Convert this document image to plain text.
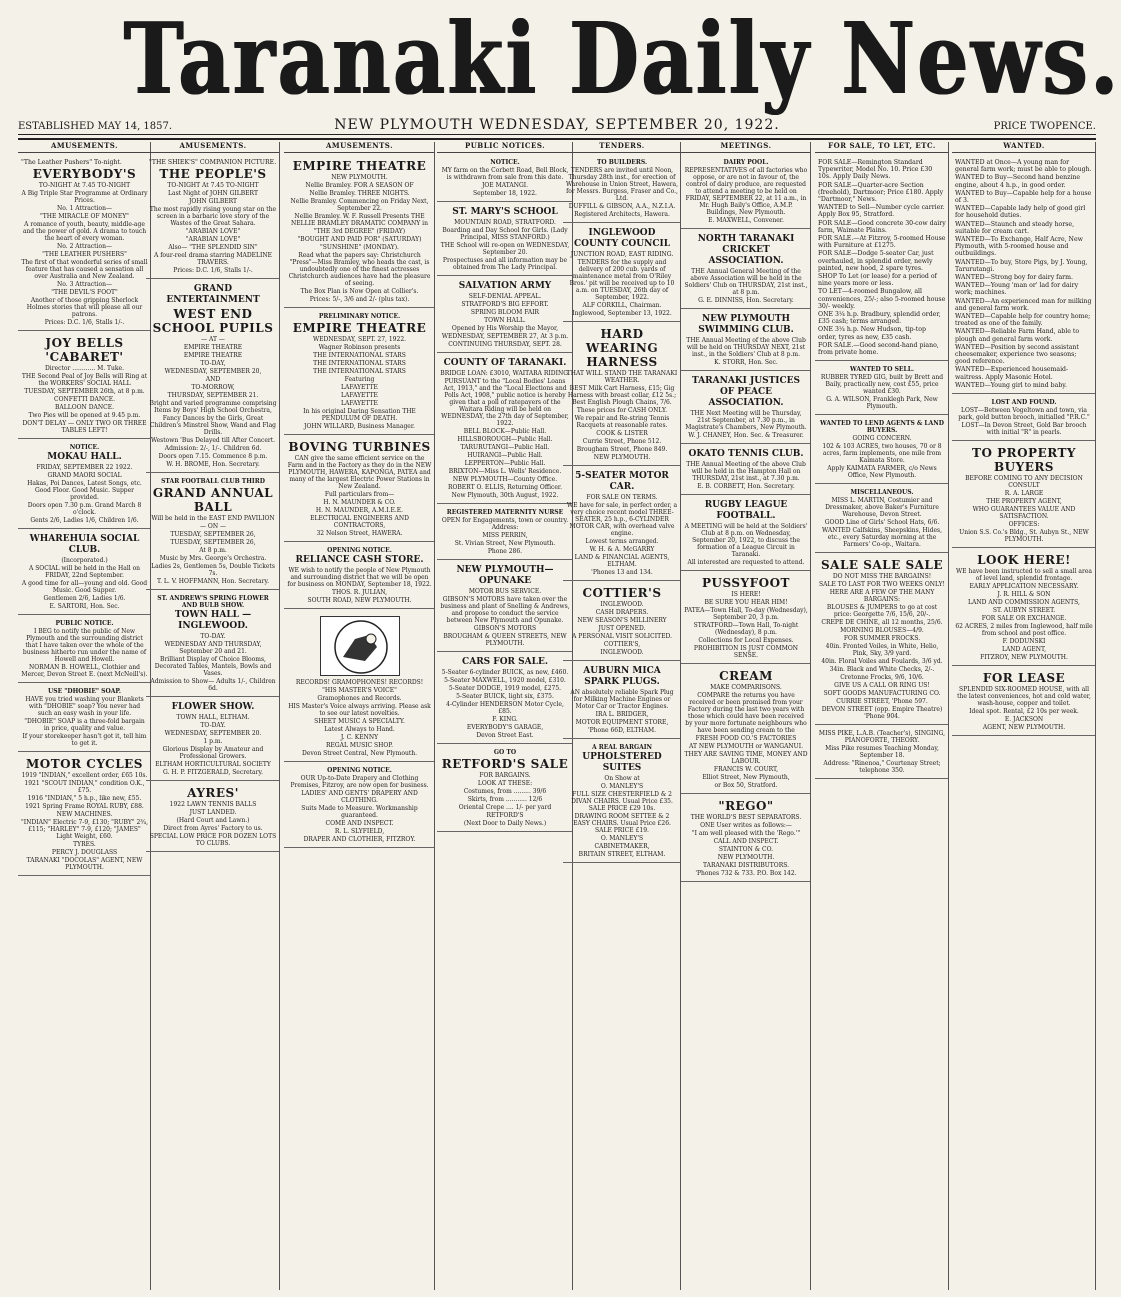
Taranaki Daily News.
ESTABLISHED MAY 14, 1857.	NEW PLYMOUTH WEDNESDAY, SEPTEMBER 20, 1922.	PRICE TWOPENCE.
AMUSEMENTS.

"The Leather Pushers" To-night.

EVERYBODY'S

TO-NIGHT At 7.45 TO-NIGHT

A Big Triple Star Programme at Ordinary Prices.

No. 1 Attraction—

"THE MIRACLE OF MONEY"

A romance of youth, beauty, middle-age and the power of gold. A drama to touch the heart of every woman.

No. 2 Attraction—

"THE LEATHER PUSHERS"

The first of that wonderful series of small feature that has caused a sensation all over Australia and New Zealand.

No. 3 Attraction—

"THE DEVIL'S FOOT"

Another of those gripping Sherlock Holmes stories that will please all our patrons.

Prices: D.C. 1/6, Stalls 1/-.

JOY BELLS 'CABARET'

Director ............ M. Tuke.

THE Second Peal of Joy Bells will Ring at the WORKERS' SOCIAL HALL

TUESDAY, SEPTEMBER 26th, at 8 p.m.

CONFETTI DANCE.

BALLOON DANCE.

Two Pies will be opened at 9.45 p.m.

DON'T DELAY — ONLY TWO OR THREE TABLES LEFT!

NOTICE.

MOKAU HALL.

FRIDAY, SEPTEMBER 22 1922.

GRAND MAORI SOCIAL

Hakas, Poi Dances, Latest Songs, etc. Good Floor. Good Music. Supper provided.

Doors open 7.30 p.m. Grand March 8 o'clock.

Gents 2/6, Ladies 1/6, Children 1/6.

WHAREHUIA SOCIAL CLUB.

(Incorporated.)

A SOCIAL will be held in the Hall on FRIDAY, 22nd September.

A good time for all—young and old. Good Music. Good Supper.

Gentlemen 2/6, Ladies 1/6.

E. SARTORI, Hon. Sec.

PUBLIC NOTICE.

I BEG to notify the public of New Plymouth and the surrounding district that I have taken over the whole of the business hitherto run under the name of Howell and Howell.

NORMAN B. HOWELL, Clothier and Mercer, Devon Street E. (next McNeill's).

USE "DHOBIE" SOAP.

HAVE you tried washing your Blankets with "DHOBIE" soap? You never had such an easy wash in your life.

"DHOBIE" SOAP is a three-fold bargain in price, quality and value.

If your storekeeper hasn't got it, tell him to get it.

MOTOR CYCLES

1919 "INDIAN," excellent order, £65 10s.

1921 "SCOUT INDIAN," condition O.K., £75.

1916 "INDIAN," 5 h.p., like new, £55.

1921 Spring Frame ROYAL RUBY, £88.

NEW MACHINES.

"INDIAN" Electric 7-9, £130; "RUBY" 2¾, £115; "HARLEY" 7-9, £120; "JAMES" Light Weight, £60.

TYRES.

PERCY J. DOUGLASS

TARANAKI "DOCOLAS" AGENT, NEW PLYMOUTH.

AMUSEMENTS.

"THE SHIEK'S" COMPANION PICTURE.

THE PEOPLE'S

TO-NIGHT At 7.45 TO-NIGHT

Last Night of JOHN GILBERT

JOHN GILBERT

The most rapidly rising young star on the screen in a barbaric love story of the Wastes of the Great Sahara.

"ARABIAN LOVE"

"ARABIAN LOVE"

Also— "THE SPLENDID SIN"

A four-reel drama starring MADELINE TRAVERS.

Prices: D.C. 1/6, Stalls 1/-.

GRAND ENTERTAINMENT

WEST END SCHOOL PUPILS

— AT —

EMPIRE THEATRE

EMPIRE THEATRE

TO-DAY,

WEDNESDAY, SEPTEMBER 20,

AND

TO-MORROW,

THURSDAY, SEPTEMBER 21.

Bright and varied programme comprising Items by Boys' High School Orchestra,

Fancy Dances by the Girls, Great Children's Minstrel Show, Wand and Flag Drills.

Westown 'Bus Delayed till After Concert.

Admission: 2/-, 1/-. Children 6d.

Doors open 7.15. Commence 8 p.m.

W. H. BROME, Hon. Secretary.

STAR FOOTBALL CLUB THIRD

GRAND ANNUAL BALL

Will be held in the EAST END PAVILION

— ON —

TUESDAY, SEPTEMBER 26,

TUESDAY, SEPTEMBER 26,

At 8 p.m.

Music by Mrs. George's Orchestra.

Ladies 2s, Gentlemen 5s, Double Tickets 7s.

T. L. V. HOFFMANN, Hon. Secretary.

ST. ANDREW'S SPRING FLOWER AND BULB SHOW.

TOWN HALL — INGLEWOOD.

TO-DAY.

WEDNESDAY AND THURSDAY, September 20 and 21.

Brilliant Display of Choice Blooms, Decorated Tables, Mantels, Bowls and Vases.

Admission to Show— Adults 1/-, Children 6d.

FLOWER SHOW.

TOWN HALL, ELTHAM.

TO-DAY.

WEDNESDAY, SEPTEMBER 20.

1 p.m.

Glorious Display by Amateur and Professional Growers.

ELTHAM HORTICULTURAL SOCIETY

G. H. P. FITZGERALD, Secretary.

AYRES'

1922 LAWN TENNIS BALLS

JUST LANDED.

(Hard Court and Lawn.)

Direct from Ayres' Factory to us.

SPECIAL LOW PRICE FOR DOZEN LOTS TO CLUBS.

AMUSEMENTS.

EMPIRE THEATRE

NEW PLYMOUTH.

Nellie Bramley. FOR A SEASON OF

Nellie Bramley. THREE NIGHTS.

Nellie Bramley. Commencing on Friday Next, September 22.

Nellie Bramley. W. F. Russell Presents THE NELLIE BRAMLEY DRAMATIC COMPANY in

"THE 3rd DEGREE" (FRIDAY)

"BOUGHT AND PAID FOR" (SATURDAY)

"SUNSHINE" (MONDAY).

Read what the papers say: Christchurch "Press"—Miss Bramley, who heads the cast, is undoubtedly one of the finest actresses Christchurch audiences have had the pleasure of seeing.

The Box Plan is Now Open at Collier's.

Prices: 5/-, 3/6 and 2/- (plus tax).

PRELIMINARY NOTICE.

EMPIRE THEATRE

WEDNESDAY, SEPT. 27, 1922.

Wagner Robinson presents

THE INTERNATIONAL STARS

THE INTERNATIONAL STARS

THE INTERNATIONAL STARS

Featuring

LAFAYETTE

LAFAYETTE

LAFAYETTE

In his original Daring Sensation THE PENDULUM OF DEATH.

JOHN WILLARD, Business Manager.

BOVING TURBINES

CAN give the same efficient service on the Farm and in the Factory as they do in the NEW PLYMOUTH, HAWERA, KAPONGA, PATEA and many of the largest Electric Power Stations in New Zealand.

Full particulars from—

H. N. MAUNDER & CO.

H. N. MAUNDER, A.M.I.E.E.

ELECTRICAL ENGINEERS AND CONTRACTORS,

32 Nelson Street, HAWERA.

OPENING NOTICE.

RELIANCE CASH STORE.

WE wish to notify the people of New Plymouth and surrounding district that we will be open for business on MONDAY, September 18, 1922.

THOS. R. JULIAN,

SOUTH ROAD, NEW PLYMOUTH.

RECORDS! GRAMOPHONES! RECORDS!

"HIS MASTER'S VOICE"

Gramophones and Records.

HIS Master's Voice always arriving. Please ask to see our latest novelties.

SHEET MUSIC A SPECIALTY.

Latest Always to Hand.

J. C. KENNY

REGAL MUSIC SHOP.

Devon Street Central, New Plymouth.

OPENING NOTICE.

OUR Up-to-Date Drapery and Clothing Premises, Fitzroy, are now open for business.

LADIES' AND GENTS' DRAPERY AND CLOTHING.

Suits Made to Measure. Workmanship guaranteed.

COME AND INSPECT.

R. L. SLYFIELD,

DRAPER AND CLOTHIER, FITZROY.

PUBLIC NOTICES.

NOTICE.

MY farm on the Corbett Road, Bell Block, is withdrawn from sale from this date.

JOE MATANGI.

September 18, 1922.

ST. MARY'S SCHOOL

MOUNTAIN ROAD, STRATFORD.

Boarding and Day School for Girls. (Lady Principal, MISS STANFORD.)

THE School will re-open on WEDNESDAY, September 20.

Prospectuses and all information may be obtained from The Lady Principal.

SALVATION ARMY

SELF-DENIAL APPEAL.

STRATFORD'S BIG EFFORT.

SPRING BLOOM FAIR

TOWN HALL.

Opened by His Worship the Mayor,

WEDNESDAY, SEPTEMBER 27, At 3 p.m.

CONTINUING THURSDAY, SEPT. 28.

COUNTY OF TARANAKI.

BRIDGE LOAN: £3010, WAITARA RIDING.

PURSUANT to the "Local Bodies' Loans Act, 1913," and the "Local Elections and Polls Act, 1908," public notice is hereby given that a poll of ratepayers of the Waitara Riding will be held on WEDNESDAY, the 27th day of September, 1922.

BELL BLOCK—Public Hall.

HILLSBOROUGH—Public Hall.

TARURUTANGI—Public Hall.

HUIRANGI—Public Hall.

LEPPERTON—Public Hall.

BRIXTON—Miss L. Wells' Residence.

NEW PLYMOUTH—County Office.

ROBERT O. ELLIS, Returning Officer.

New Plymouth, 30th August, 1922.

REGISTERED MATERNITY NURSE

OPEN for Engagements, town or country. Address:

MISS PERRIN,

St. Vivian Street, New Plymouth.

Phone 286.

NEW PLYMOUTH—OPUNAKE

MOTOR BUS SERVICE.

GIBSON'S MOTORS have taken over the business and plant of Snelling & Andrews, and propose to conduct the service between New Plymouth and Opunake.

GIBSON'S MOTORS

BROUGHAM & QUEEN STREETS, NEW PLYMOUTH.

CARS FOR SALE.

5-Seater 6-cylinder BUICK, as new, £460.

5-Seater MAXWELL, 1920 model, £310.

5-Seater DODGE, 1919 model, £275.

5-Seater BUICK, light six, £375.

4-Cylinder HENDERSON Motor Cycle, £85.

F. KING.

EVERYBODY'S GARAGE,

Devon Street East.

GO TO

RETFORD'S SALE

FOR BARGAINS.

LOOK AT THESE:

Costumes, from ......... 39/6

Skirts, from ........... 12/6

Oriental Crepe .... 1/- per yard

RETFORD'S

(Next Door to Daily News.)

TENDERS.

TO BUILDERS.

TENDERS are invited until Noon, Thursday 28th inst., for erection of Warehouse in Union Street, Hawera, for Messrs. Burgess, Fraser and Co., Ltd.

DUFFILL & GIBSON, A.A., N.Z.I.A.

Registered Architects, Hawera.

INGLEWOOD COUNTY COUNCIL

JUNCTION ROAD, EAST RIDING.

TENDERS for the supply and delivery of 200 cub. yards of maintenance metal from O'Riley Bros.' pit will be received up to 10 a.m. on TUESDAY, 26th day of September, 1922.

ALF CORKILL, Chairman.

Inglewood, September 13, 1922.

HARD WEARING HARNESS

THAT WILL STAND THE TARANAKI WEATHER.

BEST Milk Cart Harness, £15; Gig Harness with breast collar, £12 5s.; Best English Plough Chains, 7/6.

These prices for CASH ONLY.

We repair and Re-string Tennis Racquets at reasonable rates.

COOK & LISTER

Currie Street, Phone 512.

Brougham Street, Phone 849.

NEW PLYMOUTH.

5-SEATER MOTOR CAR.

FOR SALE ON TERMS.

WE have for sale, in perfect order, a very choice recent model THREE-SEATER, 25 h.p., 6-CYLINDER MOTOR CAR, with overhead valve engine.

Lowest terms arranged.

W. H. & A. McGARRY

LAND & FINANCIAL AGENTS, ELTHAM.

'Phones 13 and 134.

COTTIER'S

INGLEWOOD.

CASH DRAPERS.

NEW SEASON'S MILLINERY

JUST OPENED.

A PERSONAL VISIT SOLICITED.

COTTIER'S,

INGLEWOOD.

AUBURN MICA SPARK PLUGS.

AN absolutely reliable Spark Plug for Milking Machine Engines or Motor Car or Tractor Engines.

IRA L. BRIDGER,

MOTOR EQUIPMENT STORE,

'Phone 66D, ELTHAM.

A REAL BARGAIN

UPHOLSTERED SUITES

On Show at

O. MANLEY'S

FULL SIZE CHESTERFIELD & 2 DIVAN CHAIRS. Usual Price £35. SALE PRICE £29 10s.

DRAWING ROOM SETTEE & 2 EASY CHAIRS. Usual Price £26. SALE PRICE £19.

O. MANLEY'S

CABINETMAKER,

BRITAIN STREET, ELTHAM.

MEETINGS.

DAIRY POOL.

REPRESENTATIVES of all factories who oppose, or are not in favour of, the control of dairy produce, are requested to attend a meeting to be held on FRIDAY, SEPTEMBER 22, at 11 a.m., in Mr. Hugh Baily's Office, A.M.P. Buildings, New Plymouth.

E. MAXWELL, Convener.

NORTH TARANAKI CRICKET ASSOCIATION.

THE Annual General Meeting of the above Association will be held in the Soldiers' Club on THURSDAY, 21st inst., at 8 p.m.

G. E. DINNISS, Hon. Secretary.

NEW PLYMOUTH SWIMMING CLUB.

THE Annual Meeting of the above Club will be held on THURSDAY NEXT, 21st inst., in the Soldiers' Club at 8 p.m.

K. STORR, Hon. Sec.

TARANAKI JUSTICES OF PEACE ASSOCIATION.

THE Next Meeting will be Thursday, 21st September, at 7.30 p.m., in Magistrate's Chambers, New Plymouth.

W. J. CHANEY, Hon. Sec. & Treasurer.

OKATO TENNIS CLUB.

THE Annual Meeting of the above Club will be held in the Hampton Hall on THURSDAY, 21st inst., at 7.30 p.m.

E. B. CORBETT, Hon. Secretary.

RUGBY LEAGUE FOOTBALL.

A MEETING will be held at the Soldiers' Club at 8 p.m. on Wednesday, September 20, 1922, to discuss the formation of a League Circuit in Taranaki.

All interested are requested to attend.

PUSSYFOOT

IS HERE!

BE SURE YOU HEAR HIM!

PATEA—Town Hall, To-day (Wednesday), September 20, 3 p.m.

STRATFORD—Town Hall, To-night (Wednesday), 8 p.m.

Collections for Local Expenses.

PROHIBITION IS JUST COMMON SENSE.

CREAM

MAKE COMPARISONS.

COMPARE the returns you have received or been promised from your Factory during the last two years with those which could have been received by your more fortunate neighbours who have been sending cream to the

FRESH FOOD CO.'S FACTORIES

AT NEW PLYMOUTH or WANGANUI.

THEY ARE SAVING TIME, MONEY AND LABOUR.

FRANCIS W. COURT,

Elliot Street, New Plymouth,

or Box 50, Stratford.

"REGO"

THE WORLD'S BEST SEPARATORS.

ONE User writes as follows:—

"I am well pleased with the 'Rego.'"

CALL AND INSPECT.

STAINTON & CO.

NEW PLYMOUTH.

TARANAKI DISTRIBUTORS.

'Phones 732 & 733. P.O. Box 142.

FOR SALE, TO LET, ETC.

FOR SALE—Remington Standard Typewriter, Model No. 10. Price £30 10s. Apply Daily News.

FOR SALE—Quarter-acre Section (freehold), Dartmoor; Price £180. Apply "Dartmoor," News.

WANTED to Sell—Number cycle carrier. Apply Box 95, Stratford.

FOR SALE—Good concrete 30-cow dairy farm, Waimate Plains.

FOR SALE.—At Fitzroy, 5-roomed House with Furniture at £1275.

FOR SALE—Dodge 5-seater Car, just overhauled, in splendid order, newly painted, new hood, 2 spare tyres.

SHOP To Let (or lease) for a period of nine years more or less.

TO LET—4-roomed Bungalow, all conveniences, 25/-; also 5-roomed house 30/- weekly.

ONE 3¼ h.p. Bradbury, splendid order, £35 cash; terms arranged.

ONE 3¼ h.p. New Hudson, tip-top order, tyres as new, £35 cash.

FOR SALE.—Good second-hand piano, from private home.

WANTED TO SELL.

RUBBER TYRED GIG, built by Brett and Baily, practically new, cost £55, price wanted £30.

G. A. WILSON, Franklegh Park, New Plymouth.

WANTED TO LEND AGENTS & LAND BUYERS.

GOING CONCERN.

102 & 103 ACRES, two houses, 70 or 8 acres, farm implements, one mile from Kaimata Store.

Apply KAIMATA FARMER, c/o News Office, New Plymouth.

MISCELLANEOUS.

MISS L. MARTIN, Costumier and Dressmaker, above Baker's Furniture Warehouse, Devon Street.

GOOD Line of Girls' School Hats, 6/6.

WANTED Calfskins, Sheepskins, Hides, etc., every Saturday morning at the Farmers' Co-op., Waitara.

SALE SALE SALE

DO NOT MISS THE BARGAINS!

SALE TO LAST FOR TWO WEEKS ONLY!

HERE ARE A FEW OF THE MANY BARGAINS:

BLOUSES & JUMPERS to go at cost price: Georgette 7/6, 15/6, 20/-.

CREPE DE CHINE, all 12 months, 25/6.

MORNING BLOUSES—4/9.

FOR SUMMER FROCKS.

40in. Fronted Voiles, in White, Helio, Pink, Sky, 3/9 yard.

40in. Floral Voiles and Foulards, 3/6 yd.

34in. Black and White Checks, 2/-.

Cretonne Frocks, 9/6, 10/6.

GIVE US A CALL OR RING US!

SOFT GOODS MANUFACTURING CO.

CURRIE STREET, 'Phone 597.

DEVON STREET (opp. Empire Theatre) 'Phone 904.

MISS PIKE, L.A.B. (Teacher's), SINGING, PIANOFORTE, THEORY.

Miss Pike resumes Teaching Monday, September 18.

Address: "Rinenoa," Courtenay Street; telephone 350.

WANTED.

WANTED at Once—A young man for general farm work; must be able to plough.

WANTED to Buy—Second hand benzine engine, about 4 h.p., in good order.

WANTED to Buy—Capable help for a house of 3.

WANTED—Capable lady help of good girl for household duties.

WANTED—Staunch and steady horse, suitable for cream cart.

WANTED—To Exchange, Half Acre, New Plymouth, with 5-roomed house and outbuildings.

WANTED—To buy, Store Pigs, by J. Young, Tarurutangi.

WANTED—Strong boy for dairy farm.

WANTED—Young 'man or' lad for dairy work; machines.

WANTED—An experienced man for milking and general farm work.

WANTED—Capable help for country home; treated as one of the family.

WANTED—Reliable Farm Hand, able to plough and general farm work.

WANTED—Position by second assistant cheesemaker, experience two seasons; good reference.

WANTED—Experienced housemaid-waitress. Apply Masonic Hotel.

WANTED—Young girl to mind baby.

LOST AND FOUND.

LOST—Between Vogeltown and town, via park, gold button brooch, initialled "P.R.C."

LOST—In Devon Street, Gold Bar brooch with initial "R" in pearls.

TO PROPERTY BUYERS

BEFORE COMING TO ANY DECISION CONSULT

R. A. LARGE

THE PROPERTY AGENT,

WHO GUARANTEES VALUE AND SATISFACTION.

OFFICES:

Union S.S. Co.'s Bldg., St. Aubyn St., NEW PLYMOUTH.

LOOK HERE!

WE have been instructed to sell a small area of level land, splendid frontage.

EARLY APPLICATION NECESSARY.

J. R. HILL & SON

LAND AND COMMISSION AGENTS,

ST. AUBYN STREET.

FOR SALE OR EXCHANGE.

62 ACRES, 2 miles from Inglewood, half mile from school and post office.

F. DODUNSKI

LAND AGENT,

FITZROY, NEW PLYMOUTH.

FOR LEASE

SPLENDID SIX-ROOMED HOUSE, with all the latest conveniences, hot and cold water, wash-house, copper and toilet.

Ideal spot. Rental, £2 10s per week.

E. JACKSON

AGENT, NEW PLYMOUTH.
